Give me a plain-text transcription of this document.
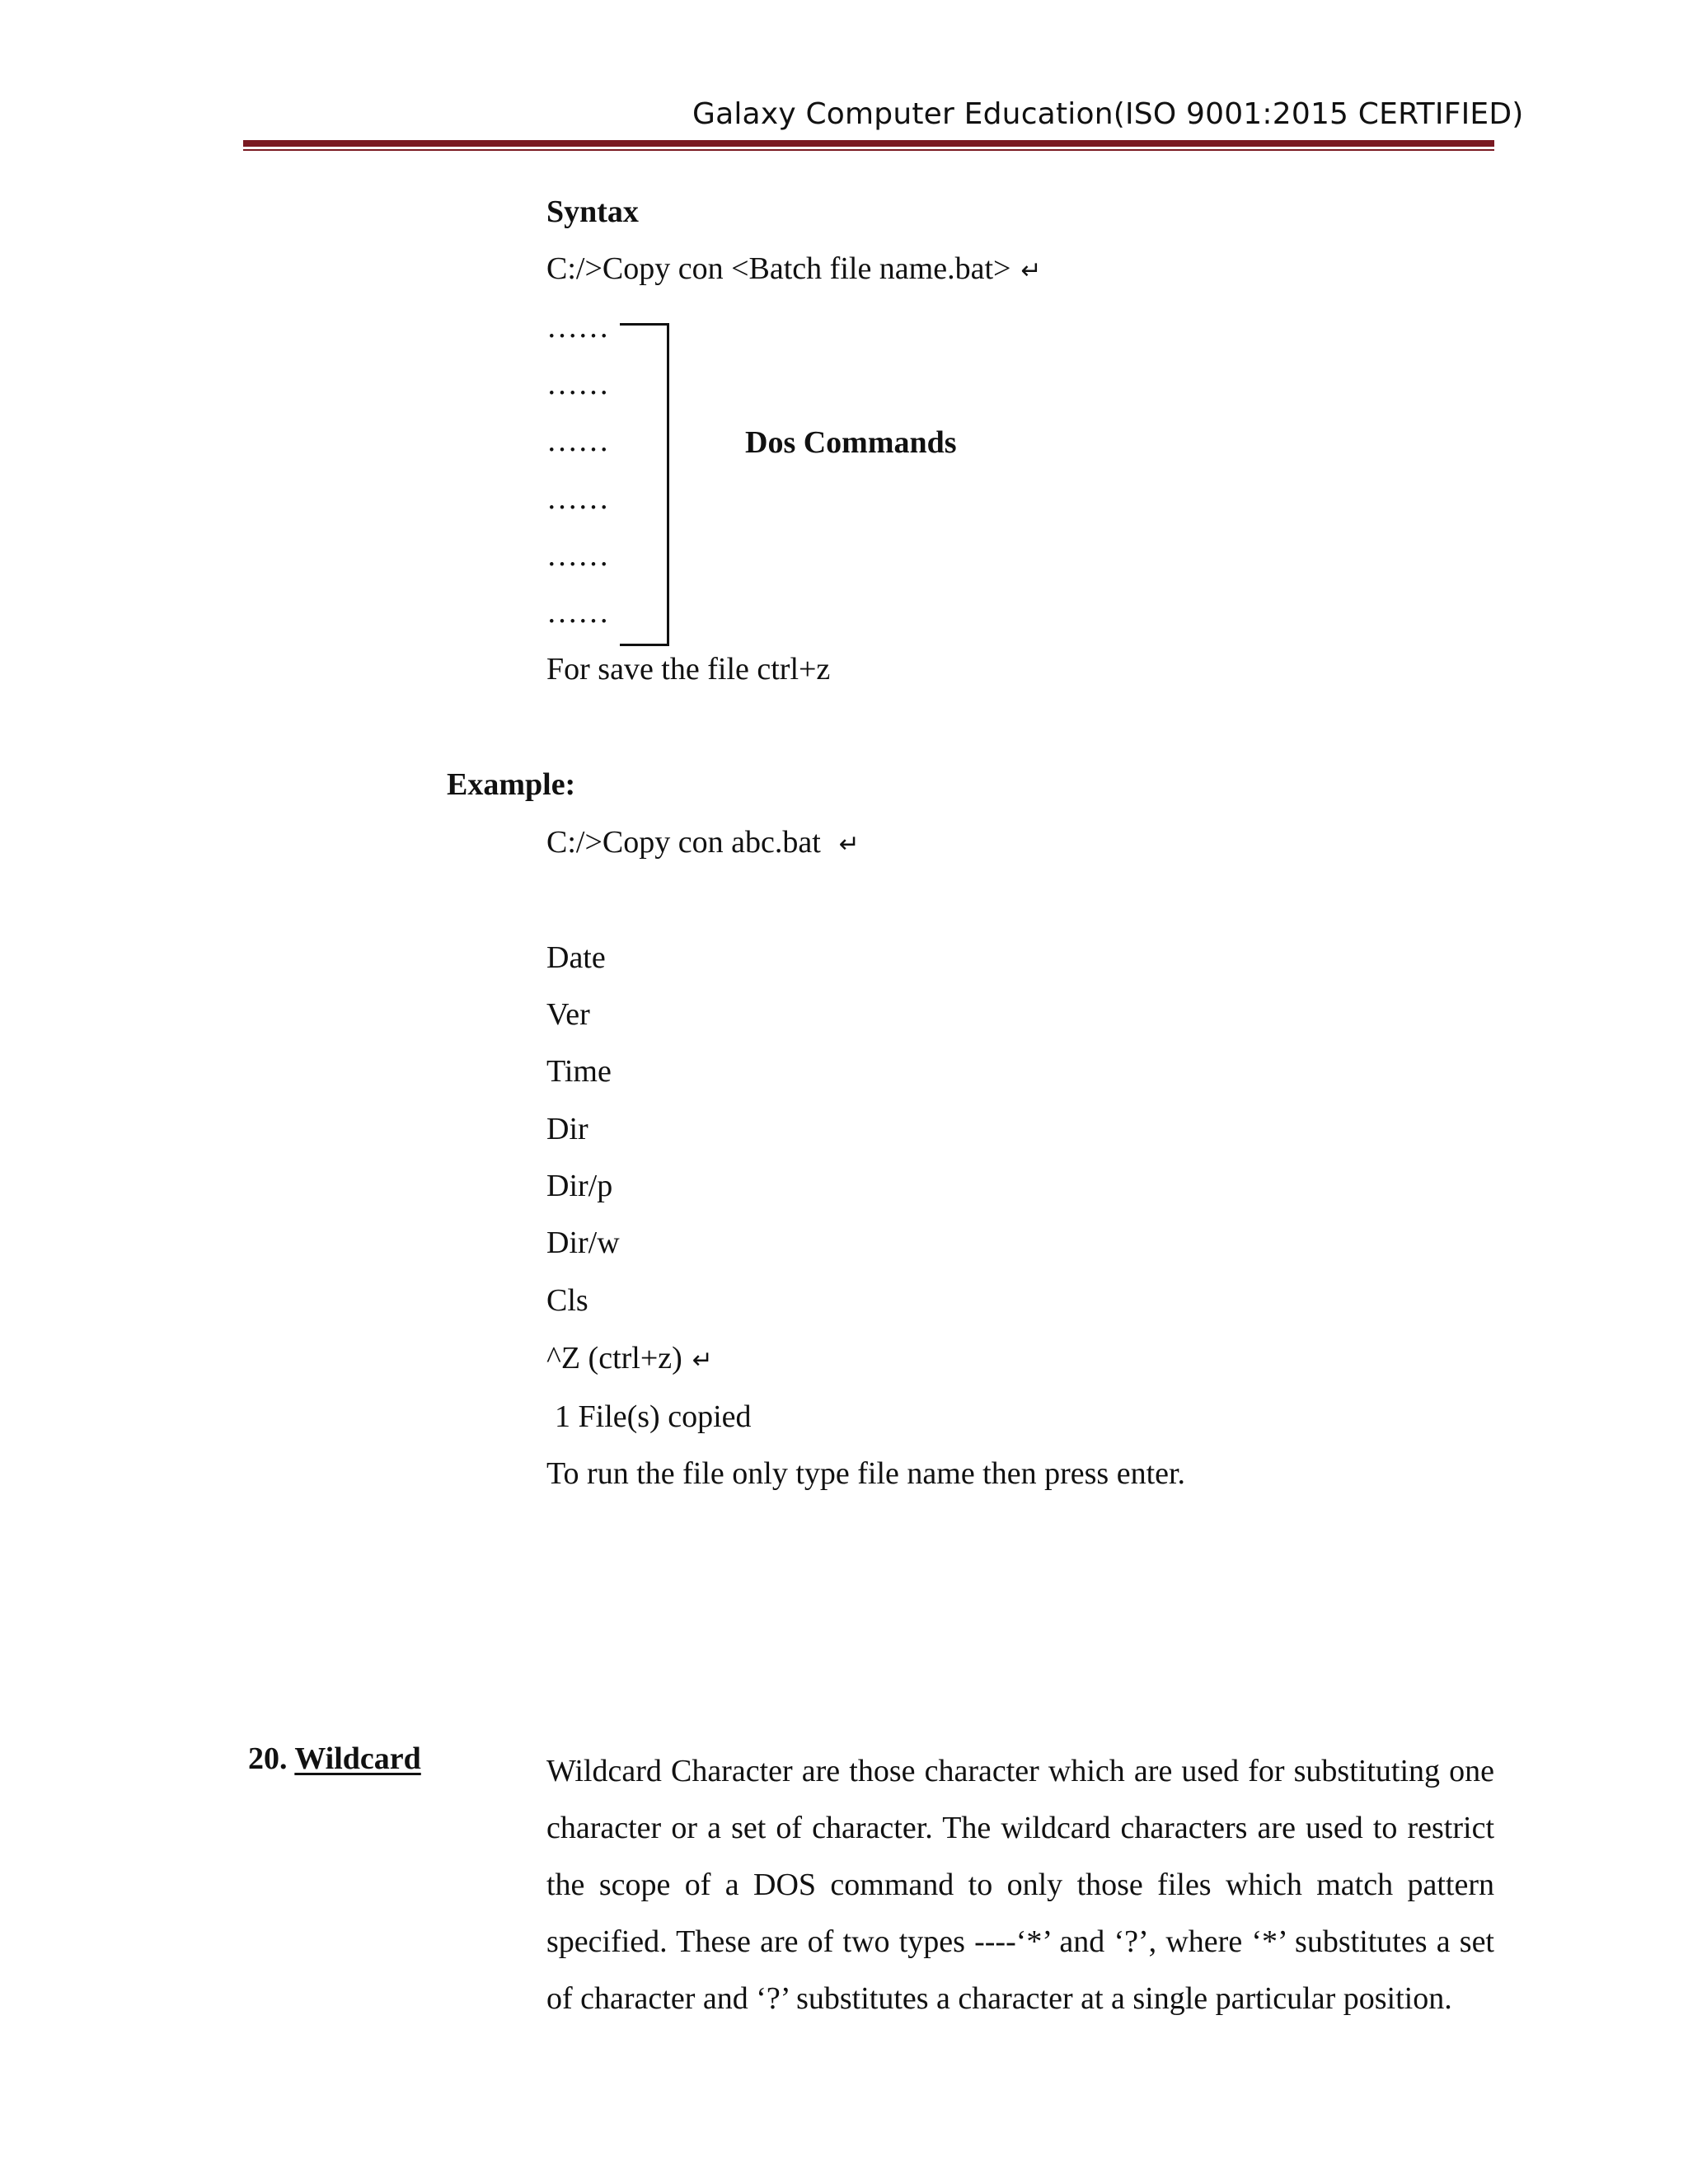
Galaxy Computer Education(ISO 9001:2015 CERTIFIED)
Syntax
C:/>Copy con <Batch file name.bat> ↵
……
……
……
……
……
……
Dos Commands
For save the file ctrl+z
Example:
C:/>Copy con abc.bat ↵
Date
Ver
Time
Dir
Dir/p
Dir/w
Cls
^Z (ctrl+z) ↵
1 File(s) copied
To run the file only type file name then press enter.
20. Wildcard	Wildcard Character are those character which are used for substituting one character or a set of character. The wildcard characters are used to restrict the scope of a DOS command to only those files which match pattern specified. These are of two types ----‘*’ and ‘?’, where ‘*’ substitutes a set of character and ‘?’ substitutes a character at a single particular position.
